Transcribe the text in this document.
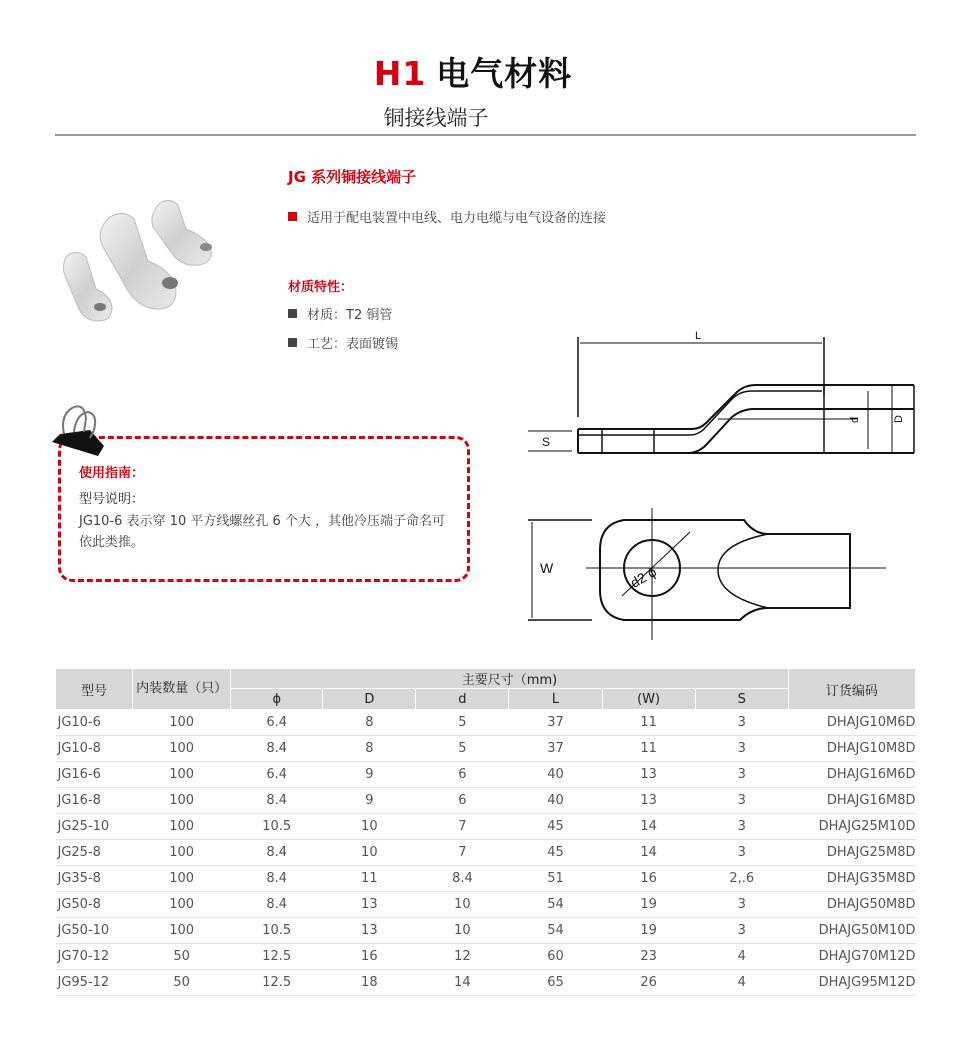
H1 电气材料
铜接线端子
JG 系列铜接线端子
适用于配电装置中电线、电力电缆与电气设备的连接
材质特性：
材质：T2 铜管
工艺：表面镀锡
使用指南：
型号说明：
JG10-6 表示穿 10 平方线螺丝孔 6 个大 ，其他冷压端子命名可依此类推。
L
S
d	D
W	d2 ϕ
型号	内装数量（只）	主要尺寸（mm)						订货编码
		ϕ	D	d	L	(W)	S	
JG10-6	100	6.4	8	5	37	11	3	DHAJG10M6D
JG10-8	100	8.4	8	5	37	11	3	DHAJG10M8D
JG16-6	100	6.4	9	6	40	13	3	DHAJG16M6D
JG16-8	100	8.4	9	6	40	13	3	DHAJG16M8D
JG25-10	100	10.5	10	7	45	14	3	DHAJG25M10D
JG25-8	100	8.4	10	7	45	14	3	DHAJG25M8D
JG35-8	100	8.4	11	8.4	51	16	2,.6	DHAJG35M8D
JG50-8	100	8.4	13	10	54	19	3	DHAJG50M8D
JG50-10	100	10.5	13	10	54	19	3	DHAJG50M10D
JG70-12	50	12.5	16	12	60	23	4	DHAJG70M12D
JG95-12	50	12.5	18	14	65	26	4	DHAJG95M12D
